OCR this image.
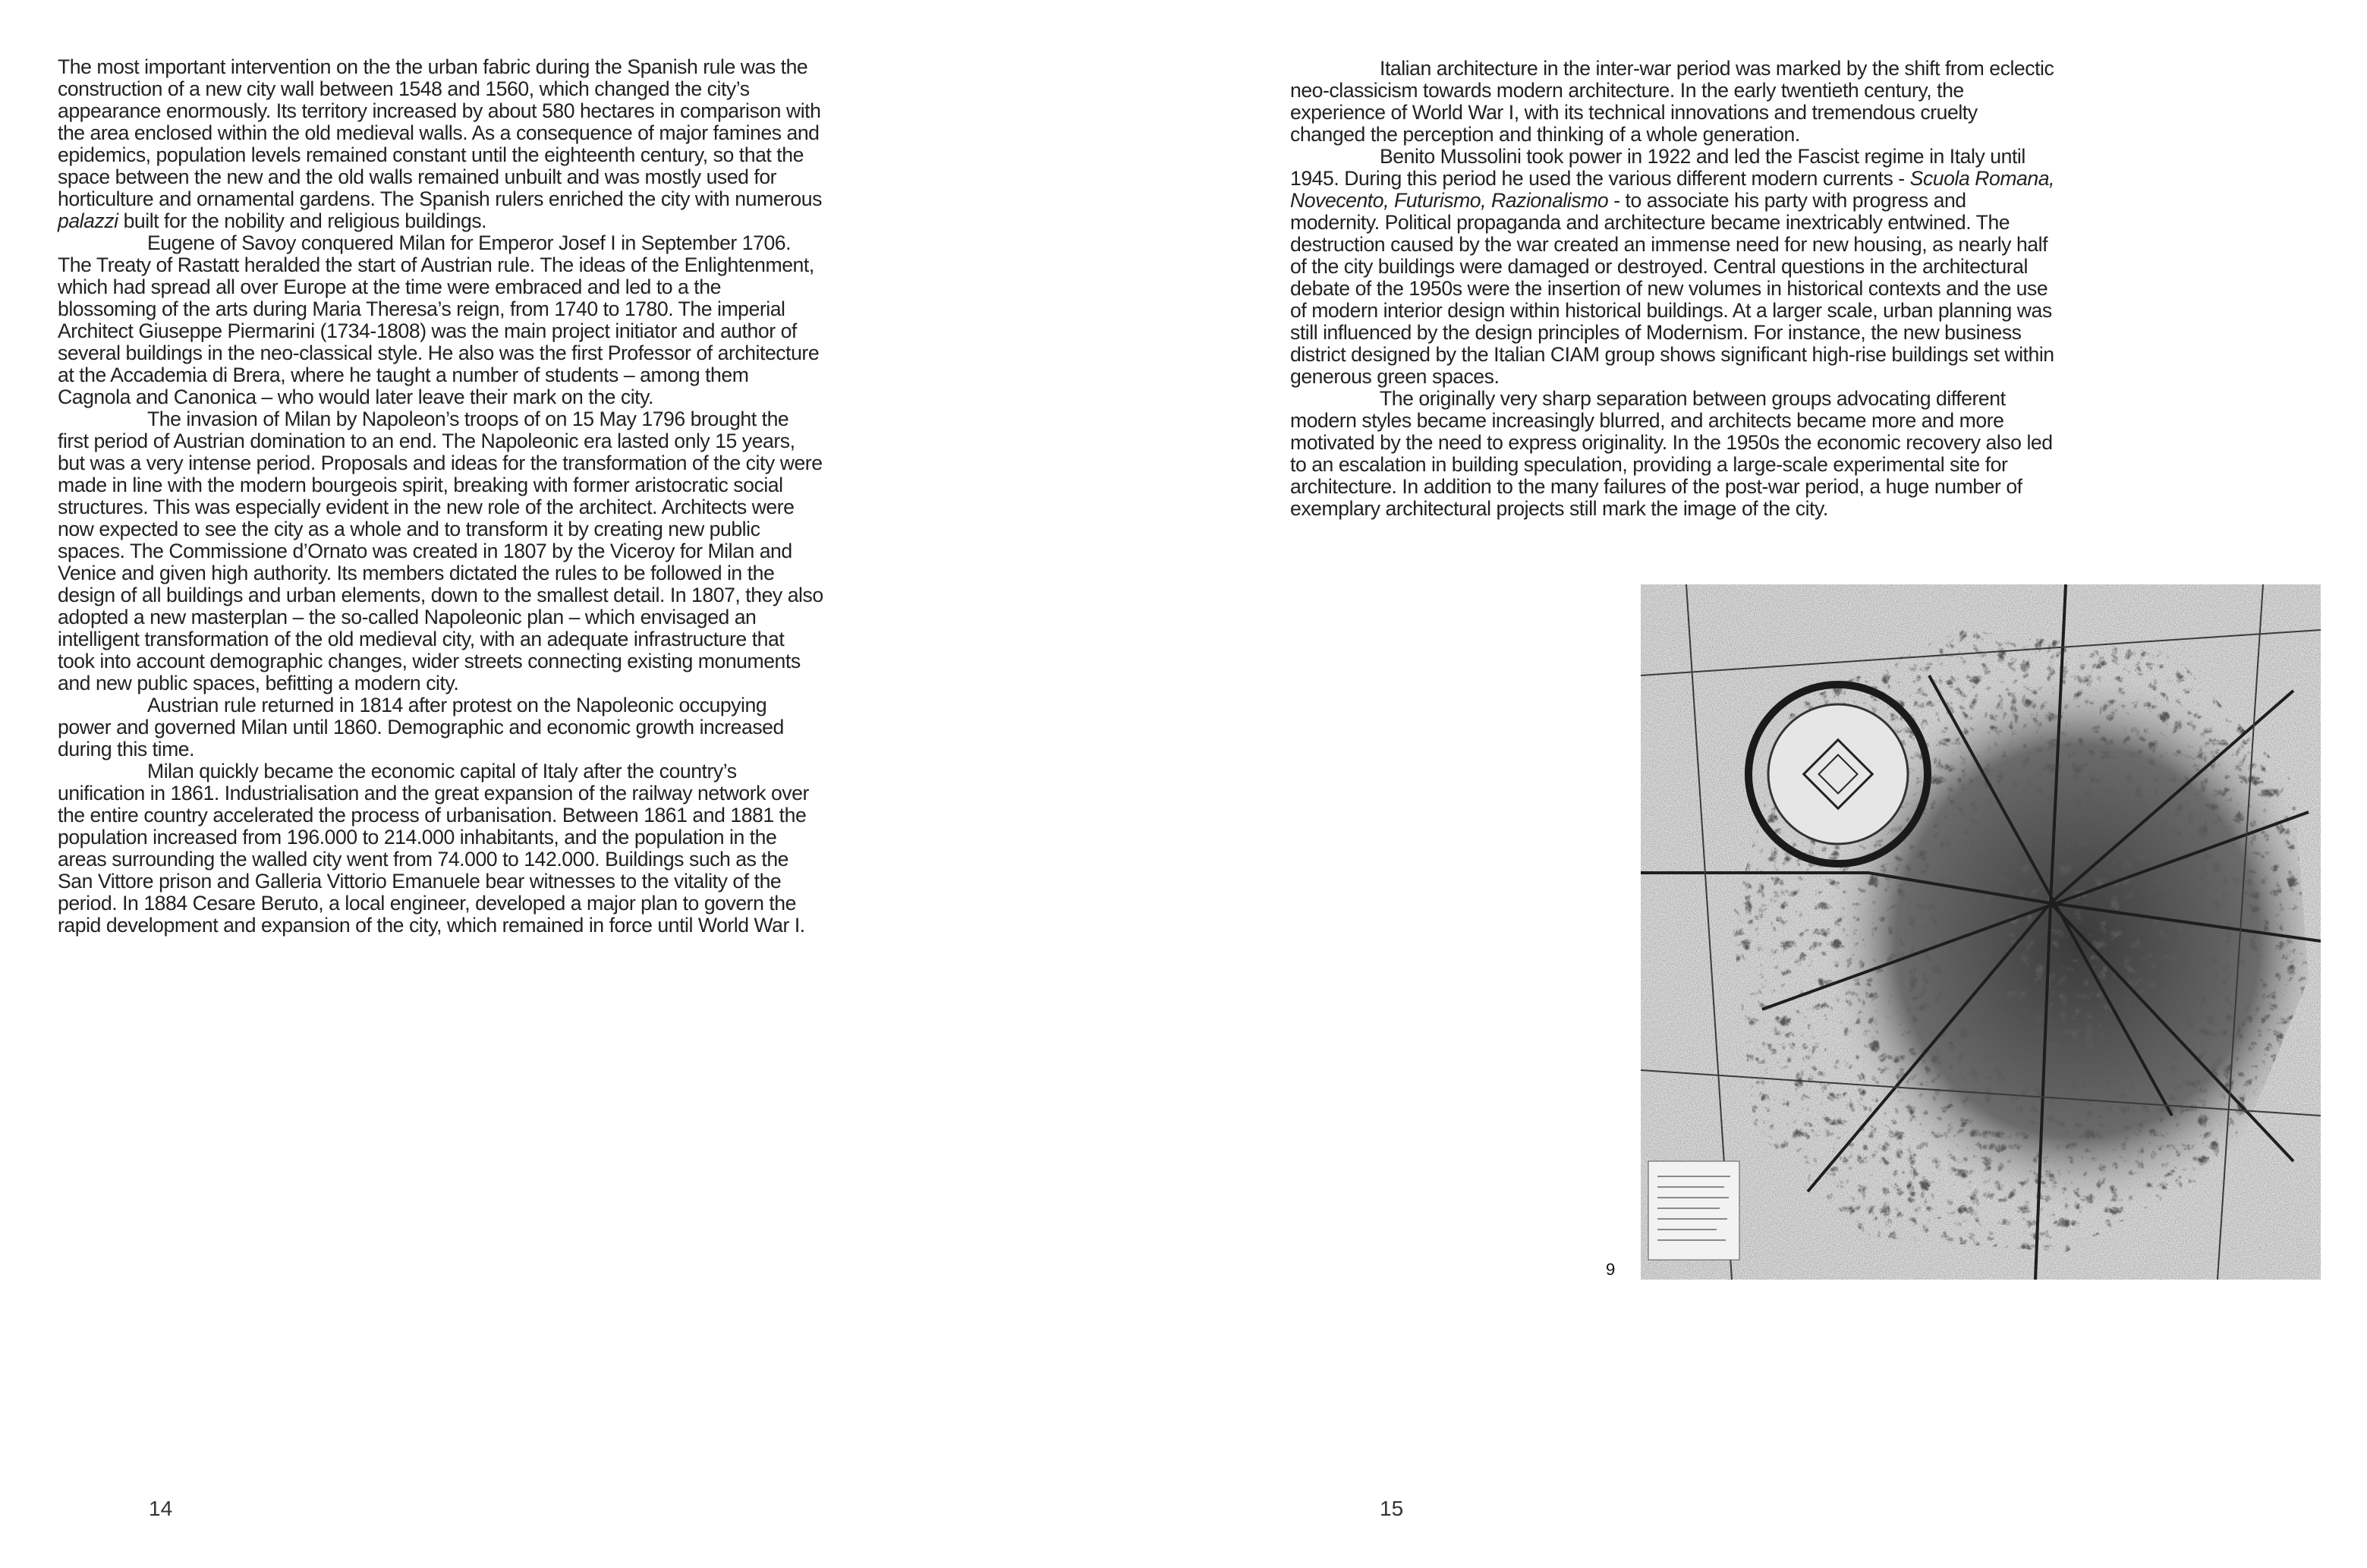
The most important intervention on the the urban fabric during the Spanish rule was the construction of a new city wall between 1548 and 1560, which changed the city’s appearance enormously. Its territory increased by about 580 hectares in comparison with the area enclosed within the old medieval walls. As a consequence of major famines and epidemics, population levels remained constant until the eighteenth century, so that the space between the new and the old walls remained unbuilt and was mostly used for horticulture and ornamental gardens. The Spanish rulers enriched the city with numerous palazzi built for the nobility and religious buildings.

Eugene of Savoy conquered Milan for Emperor Josef I in September 1706. The Treaty of Rastatt heralded the start of Austrian rule. The ideas of the Enlightenment, which had spread all over Europe at the time were embraced and led to a the blossoming of the arts during Maria Theresa’s reign, from 1740 to 1780. The imperial Architect Giuseppe Piermarini (1734-1808) was the main project initiator and author of several buildings in the neo-classical style. He also was the first Professor of architecture at the Accademia di Brera, where he taught a number of students – among them Cagnola and Canonica – who would later leave their mark on the city.

The invasion of Milan by Napoleon’s troops of on 15 May 1796 brought the first period of Austrian domination to an end. The Napoleonic era lasted only 15 years, but was a very intense period. Proposals and ideas for the transformation of the city were made in line with the modern bourgeois spirit, breaking with former aristocratic social structures. This was especially evident in the new role of the architect. Architects were now expected to see the city as a whole and to transform it by creating new public spaces. The Commissione d’Ornato was created in 1807 by the Viceroy for Milan and Venice and given high authority. Its members dictated the rules to be followed in the design of all buildings and urban elements, down to the smallest detail. In 1807, they also adopted a new masterplan – the so-called Napoleonic plan – which envisaged an intelligent transformation of the old medieval city, with an adequate infrastructure that took into account demographic changes, wider streets connecting existing monuments and new public spaces, befitting a modern city.

Austrian rule returned in 1814 after protest on the Napoleonic occupying power and governed Milan until 1860. Demographic and economic growth increased during this time.

Milan quickly became the economic capital of Italy after the country’s unification in 1861. Industrialisation and the great expansion of the railway network over the entire country accelerated the process of urbanisation. Between 1861 and 1881 the population increased from 196.000 to 214.000 inhabitants, and the population in the areas surrounding the walled city went from 74.000 to 142.000. Buildings such as the San Vittore prison and Galleria Vittorio Emanuele bear witnesses to the vitality of the period. In 1884 Cesare Beruto, a local engineer, developed a major plan to govern the rapid development and expansion of the city, which remained in force until World War I.

Italian architecture in the inter-war period was marked by the shift from eclectic neo-classicism towards modern architecture. In the early twentieth century, the experience of World War I, with its technical innovations and tremendous cruelty changed the perception and thinking of a whole generation.

Benito Mussolini took power in 1922 and led the Fascist regime in Italy until 1945. During this period he used the various different modern currents - Scuola Romana, Novecento, Futurismo, Razionalismo - to associate his party with progress and modernity. Political propaganda and architecture became inextricably entwined. The destruction caused by the war created an immense need for new housing, as nearly half of the city buildings were damaged or destroyed. Central questions in the architectural debate of the 1950s were the insertion of new volumes in historical contexts and the use of modern interior design within historical buildings. At a larger scale, urban planning was still influenced by the design principles of Modernism. For instance, the new business district designed by the Italian CIAM group shows significant high-rise buildings set within generous green spaces.

The originally very sharp separation between groups advocating different modern styles became increasingly blurred, and architects became more and more motivated by the need to express originality. In the 1950s the economic recovery also led to an escalation in building speculation, providing a large-scale experimental site for architecture. In addition to the many failures of the post-war period, a huge number of exemplary architectural projects still mark the image of the city.

9
14	15
